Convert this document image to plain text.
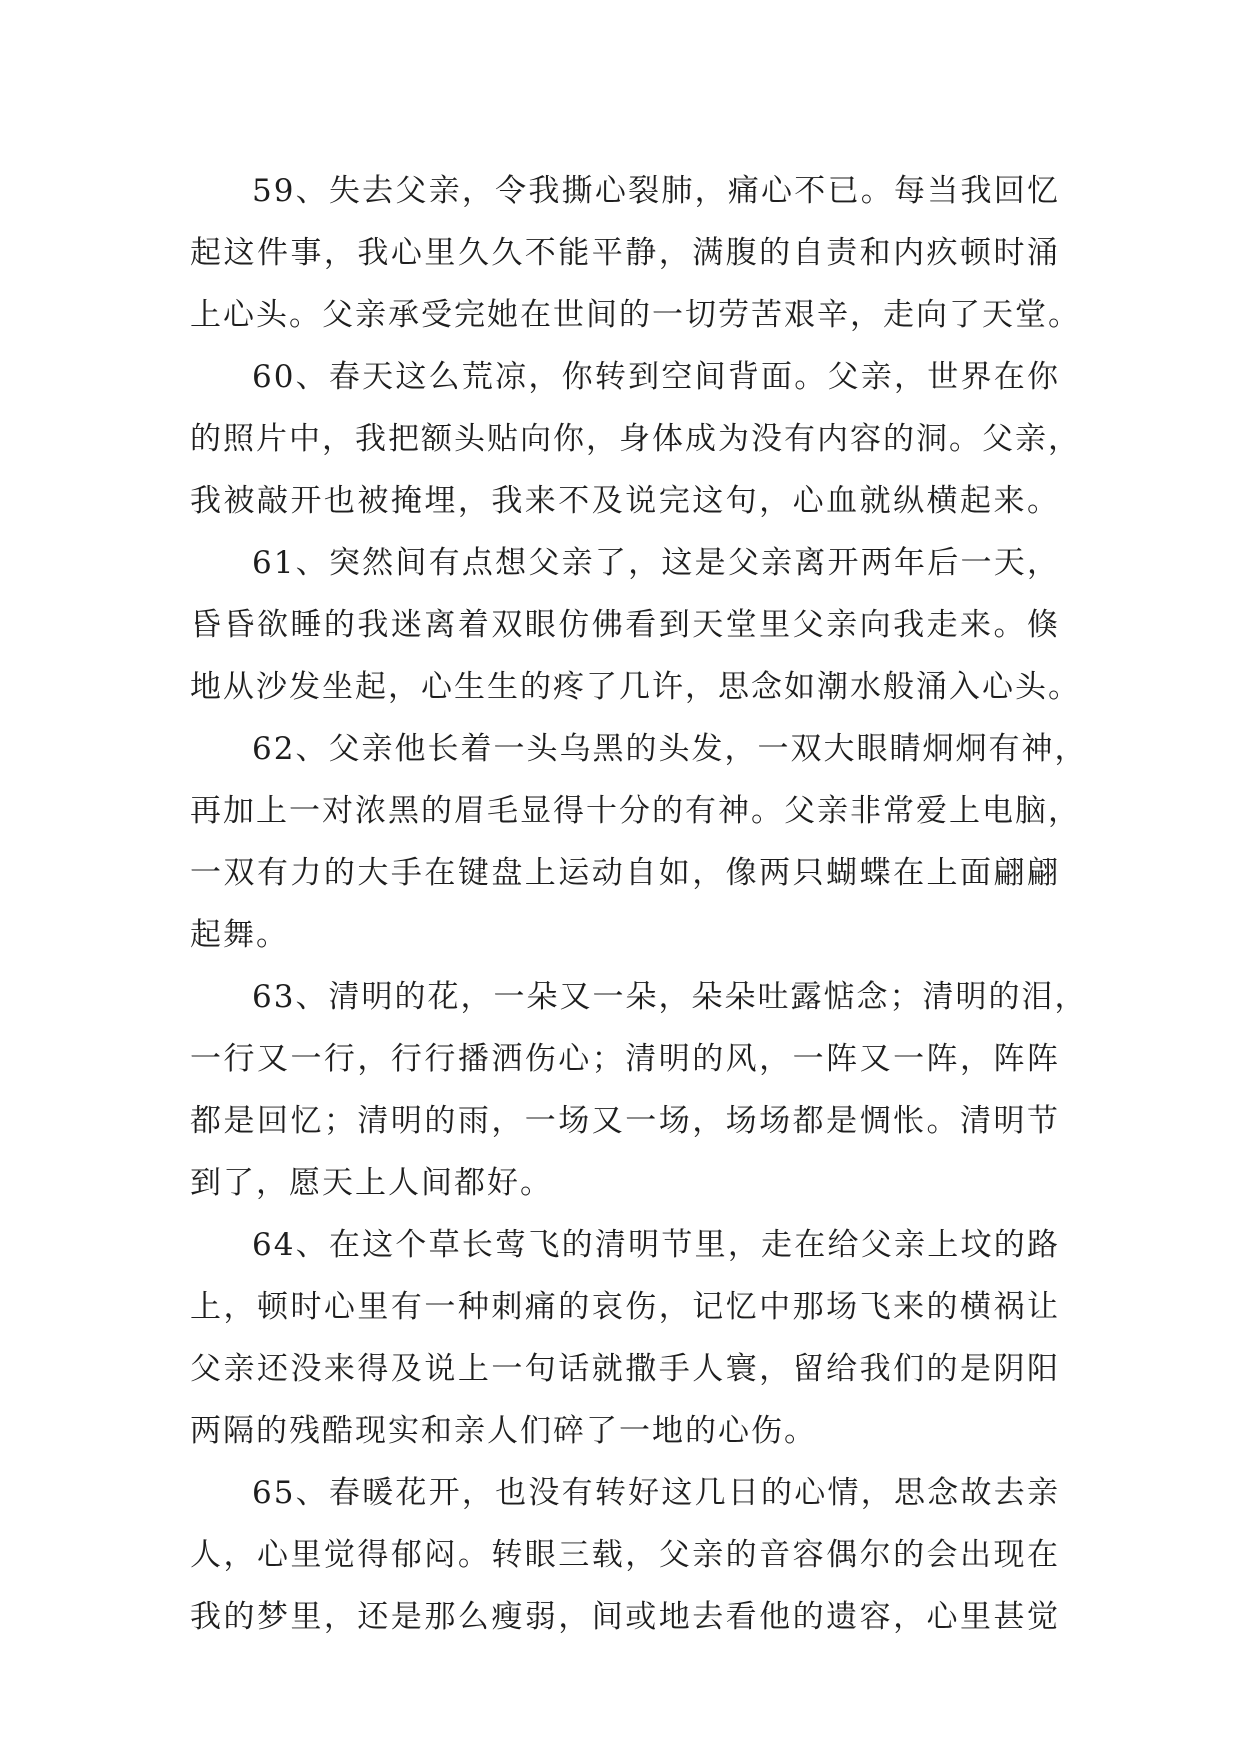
59、失去父亲，令我撕心裂肺，痛心不已。每当我回忆
起这件事，我心里久久不能平静，满腹的自责和内疚顿时涌
上心头。父亲承受完她在世间的一切劳苦艰辛，走向了天堂。
60、春天这么荒凉，你转到空间背面。父亲，世界在你
的照片中，我把额头贴向你，身体成为没有内容的洞。父亲，
我被敲开也被掩埋，我来不及说完这句，心血就纵横起来。
61、突然间有点想父亲了，这是父亲离开两年后一天，
昏昏欲睡的我迷离着双眼仿佛看到天堂里父亲向我走来。倏
地从沙发坐起，心生生的疼了几许，思念如潮水般涌入心头。
62、父亲他长着一头乌黑的头发，一双大眼睛炯炯有神，
再加上一对浓黑的眉毛显得十分的有神。父亲非常爱上电脑，
一双有力的大手在键盘上运动自如，像两只蝴蝶在上面翩翩
起舞。
63、清明的花，一朵又一朵，朵朵吐露惦念；清明的泪，
一行又一行，行行播洒伤心；清明的风，一阵又一阵，阵阵
都是回忆；清明的雨，一场又一场，场场都是惆怅。清明节
到了，愿天上人间都好。
64、在这个草长莺飞的清明节里，走在给父亲上坟的路
上，顿时心里有一种刺痛的哀伤，记忆中那场飞来的横祸让
父亲还没来得及说上一句话就撒手人寰，留给我们的是阴阳
两隔的残酷现实和亲人们碎了一地的心伤。
65、春暖花开，也没有转好这几日的心情，思念故去亲
人，心里觉得郁闷。转眼三载，父亲的音容偶尔的会出现在
我的梦里，还是那么瘦弱，间或地去看他的遗容，心里甚觉
